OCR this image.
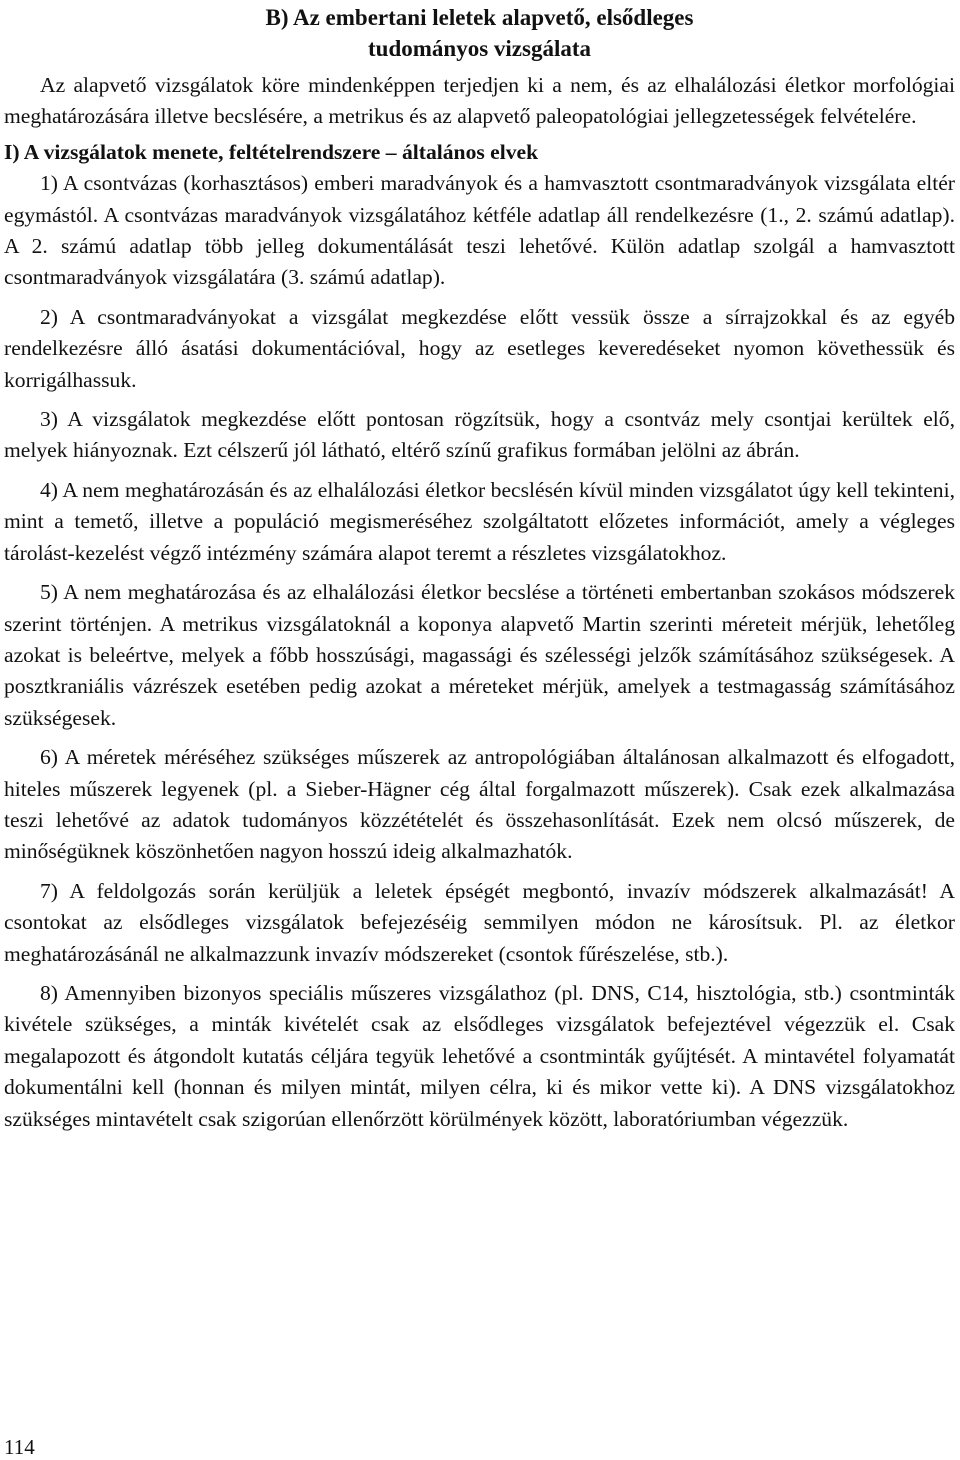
B) Az embertani leletek alapvető, elsődleges
tudományos vizsgálata

Az alapvető vizsgálatok köre mindenképpen terjedjen ki a nem, és az elhalálozási életkor morfológiai meghatározására illetve becslésére, a metrikus és az alapvető paleopatológiai jellegzetességek felvételére.

I) A vizsgálatok menete, feltételrendszere – általános elvek

1) A csontvázas (korhasztásos) emberi maradványok és a hamvasztott csontmaradványok vizsgálata eltér egymástól. A csontvázas maradványok vizsgálatához kétféle adatlap áll rendelkezésre (1., 2. számú adatlap). A 2. számú adatlap több jelleg dokumentálását teszi lehetővé. Külön adatlap szolgál a hamvasztott csontmaradványok vizsgálatára (3. számú adatlap).

2) A csontmaradványokat a vizsgálat megkezdése előtt vessük össze a sírrajzokkal és az egyéb rendelkezésre álló ásatási dokumentációval, hogy az esetleges keveredéseket nyomon követhessük és korrigálhassuk.

3) A vizsgálatok megkezdése előtt pontosan rögzítsük, hogy a csontváz mely csontjai kerültek elő, melyek hiányoznak. Ezt célszerű jól látható, eltérő színű grafikus formában jelölni az ábrán.

4) A nem meghatározásán és az elhalálozási életkor becslésén kívül minden vizsgálatot úgy kell tekinteni, mint a temető, illetve a populáció megismeréséhez szolgáltatott előzetes információt, amely a végleges tárolást-kezelést végző intézmény számára alapot teremt a részletes vizsgálatokhoz.

5) A nem meghatározása és az elhalálozási életkor becslése a történeti embertanban szokásos módszerek szerint történjen. A metrikus vizsgálatoknál a koponya alapvető Martin szerinti méreteit mérjük, lehetőleg azokat is beleértve, melyek a főbb hosszúsági, magassági és szélességi jelzők számításához szükségesek. A posztkraniális vázrészek esetében pedig azokat a méreteket mérjük, amelyek a testmagasság számításához szükségesek.

6) A méretek méréséhez szükséges műszerek az antropológiában általánosan alkalmazott és elfogadott, hiteles műszerek legyenek (pl. a Sieber-Hägner cég által forgalmazott műszerek). Csak ezek alkalmazása teszi lehetővé az adatok tudományos közzétételét és összehasonlítását. Ezek nem olcsó műszerek, de minőségüknek köszönhetően nagyon hosszú ideig alkalmazhatók.

7) A feldolgozás során kerüljük a leletek épségét megbontó, invazív módszerek alkalmazását! A csontokat az elsődleges vizsgálatok befejezéséig semmilyen módon ne károsítsuk. Pl. az életkor meghatározásánál ne alkalmazzunk invazív módszereket (csontok fűrészelése, stb.).

8) Amennyiben bizonyos speciális műszeres vizsgálathoz (pl. DNS, C14, hisztológia, stb.) csontminták kivétele szükséges, a minták kivételét csak az elsődleges vizsgálatok befejeztével végezzük el. Csak megalapozott és átgondolt kutatás céljára tegyük lehetővé a csontminták gyűjtését. A mintavétel folyamatát dokumentálni kell (honnan és milyen mintát, milyen célra, ki és mikor vette ki). A DNS vizsgálatokhoz szükséges mintavételt csak szigorúan ellenőrzött körülmények között, laboratóriumban végezzük.

114
